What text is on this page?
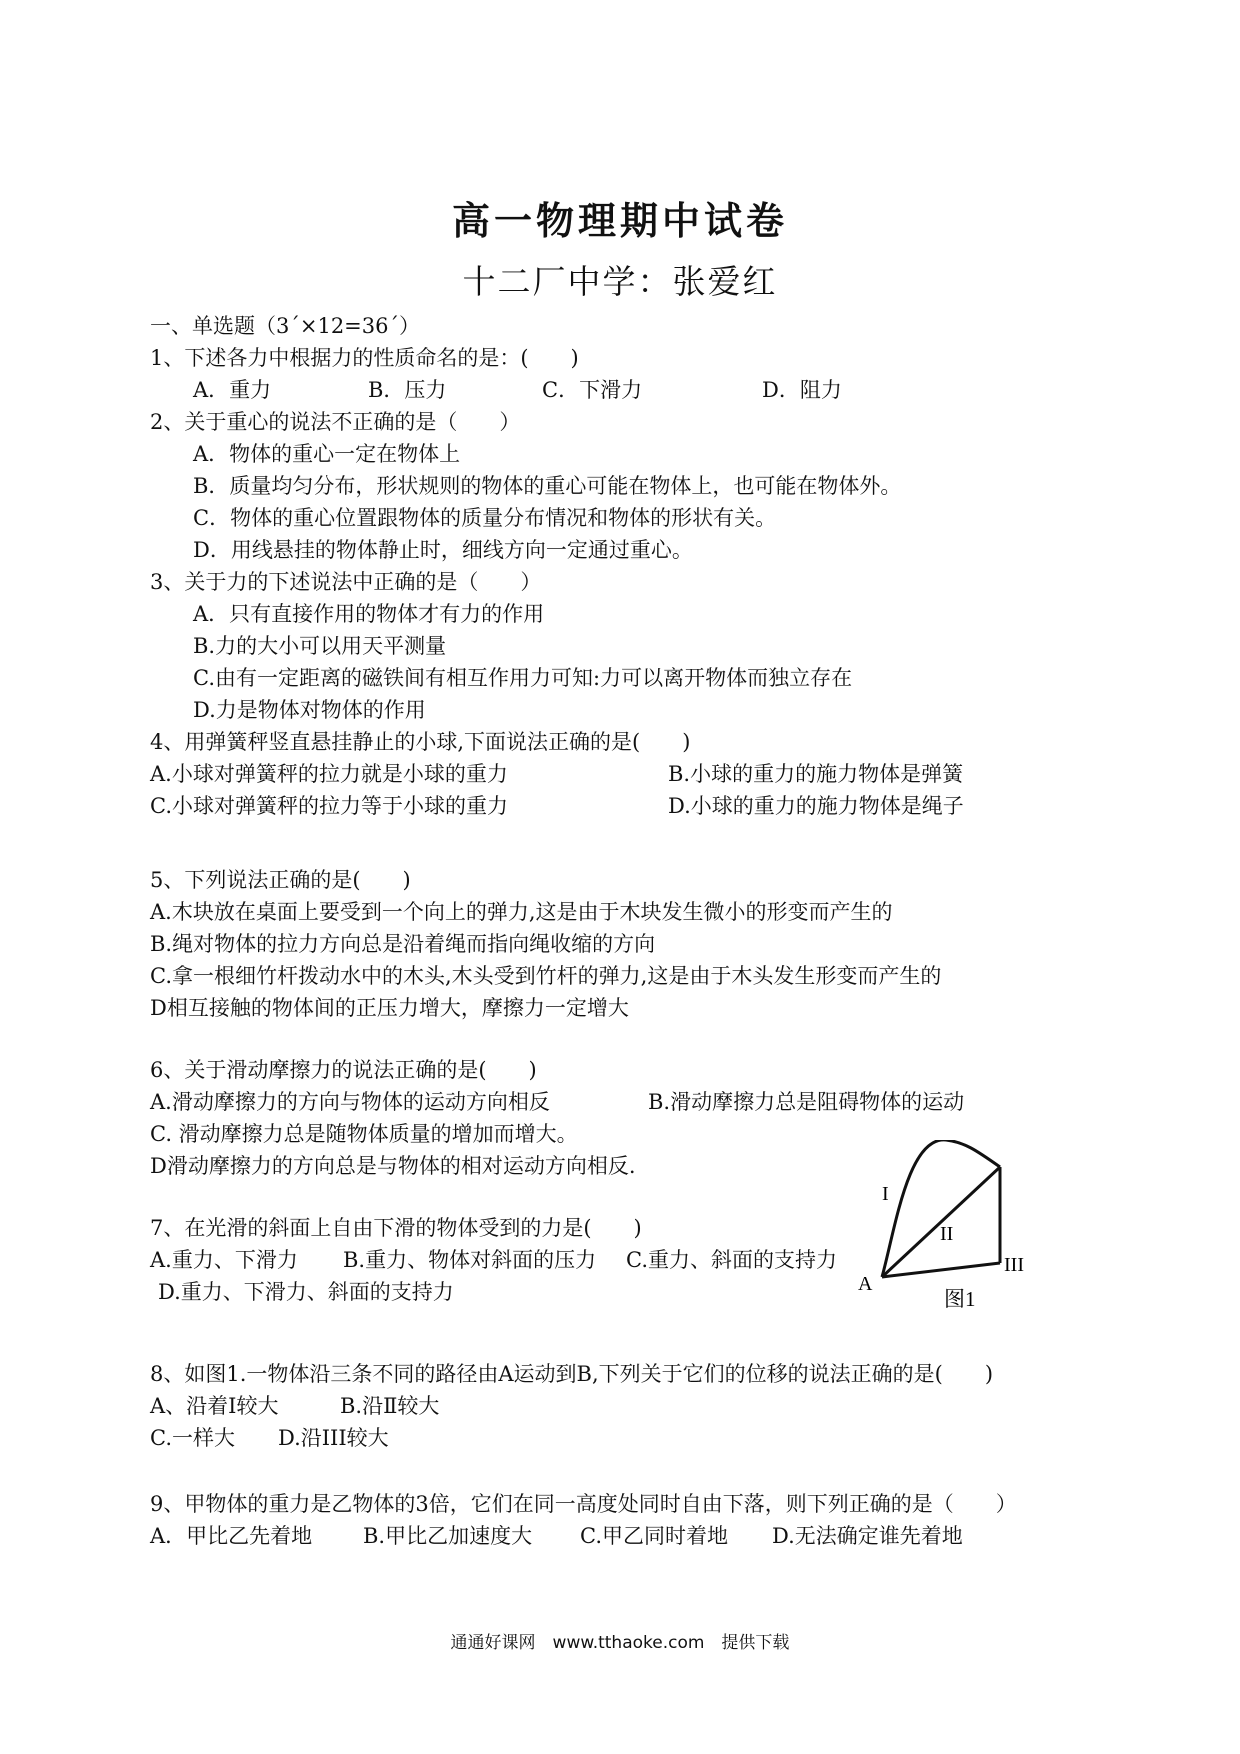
高一物理期中试卷
十二厂中学：张爱红
一、单选题（3´×12=36´）
1、下述各力中根据力的性质命名的是：(　　)
A．重力	B．压力	C．下滑力	D．阻力
2、关于重心的说法不正确的是（　　）
A．物体的重心一定在物体上
B．质量均匀分布，形状规则的物体的重心可能在物体上，也可能在物体外。
C．物体的重心位置跟物体的质量分布情况和物体的形状有关。
D．用线悬挂的物体静止时，细线方向一定通过重心。
3、关于力的下述说法中正确的是（　　）
A．只有直接作用的物体才有力的作用
B.力的大小可以用天平测量
C.由有一定距离的磁铁间有相互作用力可知:力可以离开物体而独立存在
D.力是物体对物体的作用
4、用弹簧秤竖直悬挂静止的小球,下面说法正确的是(　　)
A.小球对弹簧秤的拉力就是小球的重力	B.小球的重力的施力物体是弹簧
C.小球对弹簧秤的拉力等于小球的重力	D.小球的重力的施力物体是绳子
5、下列说法正确的是(　　)
A.木块放在桌面上要受到一个向上的弹力,这是由于木块发生微小的形变而产生的
B.绳对物体的拉力方向总是沿着绳而指向绳收缩的方向
C.拿一根细竹杆拨动水中的木头,木头受到竹杆的弹力,这是由于木头发生形变而产生的
D相互接触的物体间的正压力增大，摩擦力一定增大
6、关于滑动摩擦力的说法正确的是(　　)
A.滑动摩擦力的方向与物体的运动方向相反	B.滑动摩擦力总是阻碍物体的运动
C. 滑动摩擦力总是随物体质量的增加而增大。
D滑动摩擦力的方向总是与物体的相对运动方向相反.
7、在光滑的斜面上自由下滑的物体受到的力是(　　)
A.重力、下滑力 B.重力、物体对斜面的压力 C.重力、斜面的支持力
D.重力、下滑力、斜面的支持力
I
II
III
A
图1
8、如图1.一物体沿三条不同的路径由A运动到B,下列关于它们的位移的说法正确的是(　　)
A、沿着Ⅰ较大	B.沿Ⅱ较大
C.一样大 D.沿III较大
9、甲物体的重力是乙物体的3倍，它们在同一高度处同时自由下落，则下列正确的是（　　）
A．甲比乙先着地 B.甲比乙加速度大 C.甲乙同时着地 D.无法确定谁先着地
通通好课网　www.tthaoke.com　提供下载
